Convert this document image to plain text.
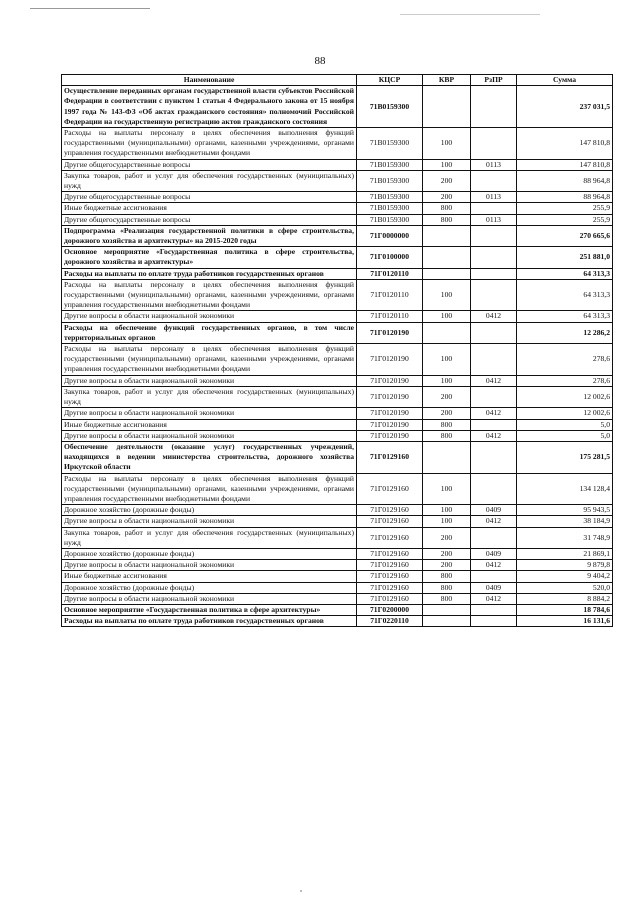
88
Наименование	КЦСР	КВР	РзПР	Сумма
Осуществление переданных органам государственной власти субъектов Российской Федерации в соответствии с пунктом 1 статьи 4 Федерального закона от 15 ноября 1997 года № 143-ФЗ «Об актах гражданского состояния» полномочий Российской Федерации на государственную регистрацию актов гражданского состояния	71B0159300			237 031,5
Расходы на выплаты персоналу в целях обеспечения выполнения функций государственными (муниципальными) органами, казенными учреждениями, органами управления государственными внебюджетными фондами	71B0159300	100		147 810,8
Другие общегосударственные вопросы	71B0159300	100	0113	147 810,8
Закупка товаров, работ и услуг для обеспечения государственных (муниципальных) нужд	71B0159300	200		88 964,8
Другие общегосударственные вопросы	71B0159300	200	0113	88 964,8
Иные бюджетные ассигнования	71B0159300	800		255,9
Другие общегосударственные вопросы	71B0159300	800	0113	255,9
Подпрограмма «Реализация государственной политики в сфере строительства, дорожного хозяйства и архитектуры» на 2015-2020 годы	71Г0000000			270 665,6
Основное мероприятие «Государственная политика в сфере строительства, дорожного хозяйства и архитектуры»	71Г0100000			251 881,0
Расходы на выплаты по оплате труда работников государственных органов	71Г0120110			64 313,3
Расходы на выплаты персоналу в целях обеспечения выполнения функций государственными (муниципальными) органами, казенными учреждениями, органами управления государственными внебюджетными фондами	71Г0120110	100		64 313,3
Другие вопросы в области национальной экономики	71Г0120110	100	0412	64 313,3
Расходы на обеспечение функций государственных органов, в том числе территориальных органов	71Г0120190			12 286,2
Расходы на выплаты персоналу в целях обеспечения выполнения функций государственными (муниципальными) органами, казенными учреждениями, органами управления государственными внебюджетными фондами	71Г0120190	100		278,6
Другие вопросы в области национальной экономики	71Г0120190	100	0412	278,6
Закупка товаров, работ и услуг для обеспечения государственных (муниципальных) нужд	71Г0120190	200		12 002,6
Другие вопросы в области национальной экономики	71Г0120190	200	0412	12 002,6
Иные бюджетные ассигнования	71Г0120190	800		5,0
Другие вопросы в области национальной экономики	71Г0120190	800	0412	5,0
Обеспечение деятельности (оказание услуг) государственных учреждений, находящихся в ведении министерства строительства, дорожного хозяйства Иркутской области	71Г0129160			175 281,5
Расходы на выплаты персоналу в целях обеспечения выполнения функций государственными (муниципальными) органами, казенными учреждениями, органами управления государственными внебюджетными фондами	71Г0129160	100		134 128,4
Дорожное хозяйство (дорожные фонды)	71Г0129160	100	0409	95 943,5
Другие вопросы в области национальной экономики	71Г0129160	100	0412	38 184,9
Закупка товаров, работ и услуг для обеспечения государственных (муниципальных) нужд	71Г0129160	200		31 748,9
Дорожное хозяйство (дорожные фонды)	71Г0129160	200	0409	21 869,1
Другие вопросы в области национальной экономики	71Г0129160	200	0412	9 879,8
Иные бюджетные ассигнования	71Г0129160	800		9 404,2
Дорожное хозяйство (дорожные фонды)	71Г0129160	800	0409	520,0
Другие вопросы в области национальной экономики	71Г0129160	800	0412	8 884,2
Основное мероприятие «Государственная политика в сфере архитектуры»	71Г0200000			18 784,6
Расходы на выплаты по оплате труда работников государственных органов	71Г0220110			16 131,6
